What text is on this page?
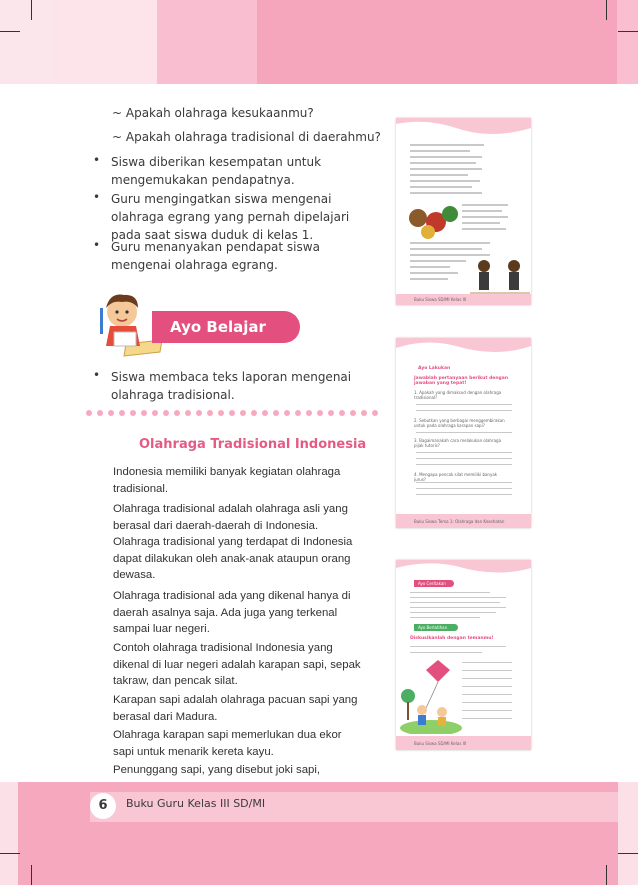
~ Apakah olahraga kesukaanmu?
~ Apakah olahraga tradisional di daerahmu?
• Siswa diberikan kesempatan untuk mengemukakan pendapatnya.
• Guru mengingatkan siswa mengenai olahraga egrang yang pernah dipelajari pada saat siswa duduk di kelas 1.
• Guru menanyakan pendapat siswa mengenai olahraga egrang.
Ayo Belajar
• Siswa membaca teks laporan mengenai olahraga tradisional.
Olahraga Tradisional Indonesia
Indonesia memiliki banyak kegiatan olahraga tradisional.
Olahraga tradisional adalah olahraga asli yang berasal dari daerah-daerah di Indonesia. Olahraga tradisional yang terdapat di Indonesia dapat dilakukan oleh anak-anak ataupun orang dewasa.
Olahraga tradisional ada yang dikenal hanya di daerah asalnya saja. Ada juga yang terkenal sampai luar negeri.
Contoh olahraga tradisional Indonesia yang dikenal di luar negeri adalah karapan sapi, sepak takraw, dan pencak silat.
Karapan sapi adalah olahraga pacuan sapi yang berasal dari Madura.
Olahraga karapan sapi memerlukan dua ekor sapi untuk menarik kereta kayu.
Penunggang sapi, yang disebut joki sapi,
Buku Siswa SD/MI Kelas III
Ayo Lakukan
Jawablah pertanyaan berikut dengan jawaban yang tepat!
1. Apakah yang dimaksud dengan olahraga tradisional?
2. Sebutkan yang berbagai menggembirakan untuk pada olahraga karapan sapi?
3. Bagaimanakah cara melakukan olahraga pijak tutoris?
4. Mengapa pencak silat memiliki banyak jurus?
Buku Siswa Tema 1: Olahraga dan Kesehatan
Ayo Ceritakan
Ayo Berlatihan
Diskusikanlah dengan temanmu!
Buku Siswa SD/MI Kelas III
6	Buku Guru Kelas III SD/MI
